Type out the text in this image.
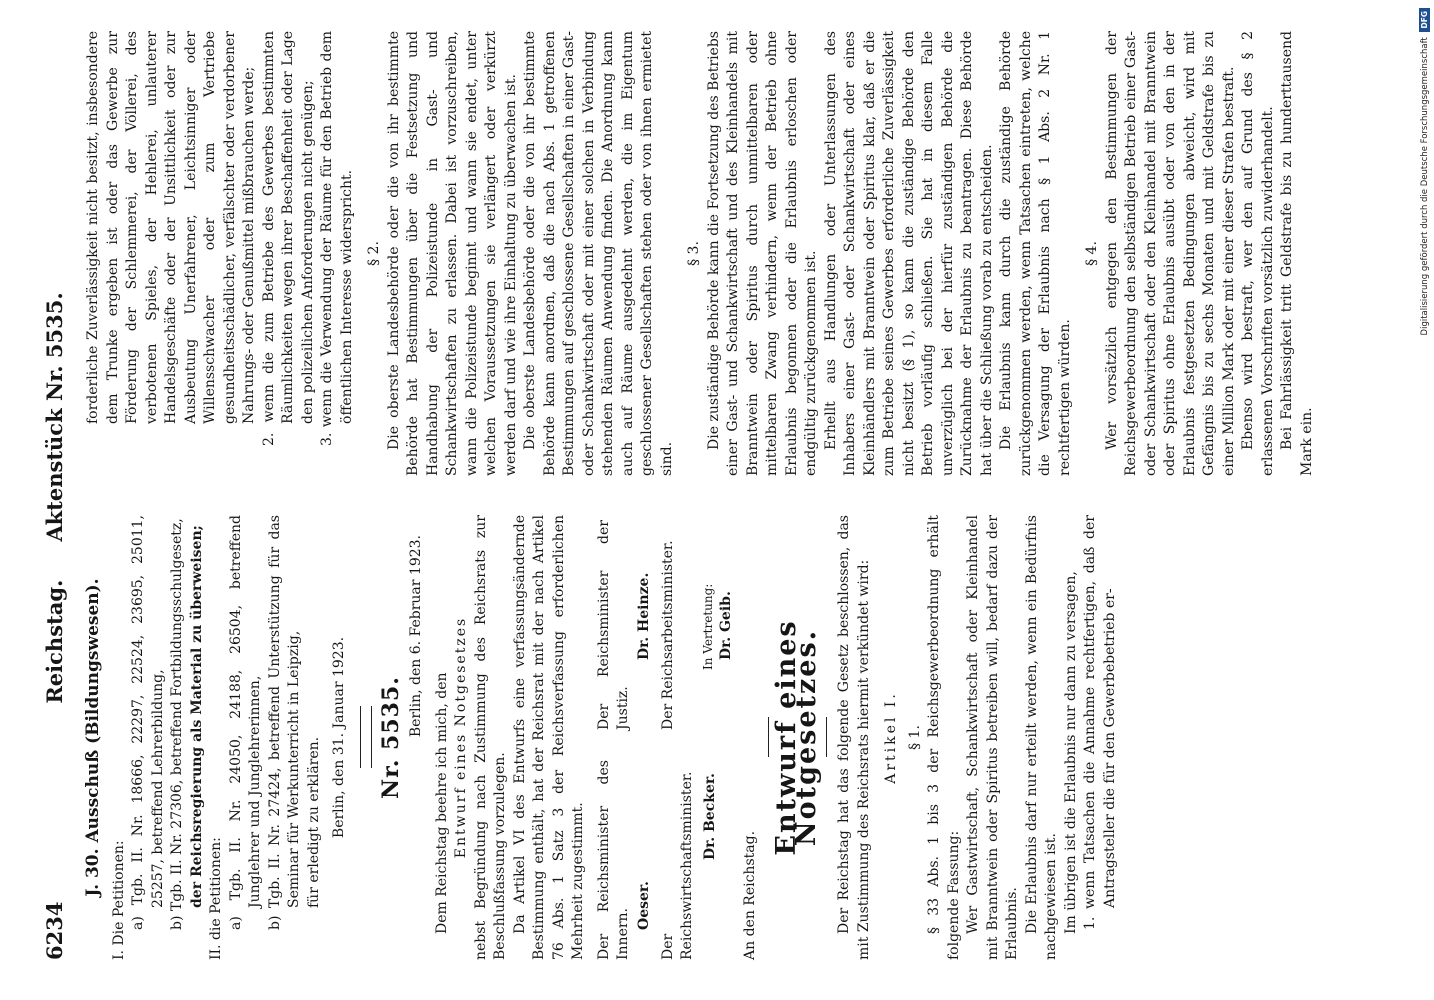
6234
Reichstag.Aktenstück Nr. 5535.

J. 30. Ausschuß (Bildungswesen).

I. Die Petitionen: a) Tgb. II. Nr. 18666, 22297, 22524, 23695, 25011, 25257, betreffend Lehrerbildung, b) Tgb. II. Nr. 27306, betreffend Fortbildungsschulgesetz, der Reichsregierung als Material zu überweisen; II. die Petitionen: a) Tgb. II. Nr. 24050, 24188, 26504, betreffend Junglehrer und Junglehrerinnen, b) Tgb. II. Nr. 27424, betreffend Unterstützung für das Seminar für Werkunterricht in Leipzig, für erledigt zu erklären. Berlin, den 31. Januar 1923. Nr. 5535.

Berlin, den 6. Februar 1923.

Dem Reichstag beehre ich mich, den Entwurf eines Notgesetzes nebst Begründung nach Zustimmung des Reichsrats zur Beschlußfassung vorzulegen. Da Artikel VI des Entwurfs eine verfassungsändernde Bestimmung enthält, hat der Reichsrat mit der nach Artikel 76 Abs. 1 Satz 3 der Reichsverfassung erforderlichen Mehrheit zugestimmt. Der Reichsminister des Innern.

Oeser.

Der Reichsminister der Justiz.

Dr. Heinze.

Der Reichswirtschaftsminister. Dr. Becker.

Der Reichsarbeitsminister. In Vertretung: Dr. Geib.

An den Reichstag.

Entwurf eines Notgesetzes. Der Reichstag hat das folgende Gesetz beschlossen, das mit Zustimmung des Reichsrats hiermit verkündet wird: Artikel I. § 1. § 33 Abs. 1 bis 3 der Reichsgewerbeordnung erhält folgende Fassung: Wer Gastwirtschaft, Schankwirtschaft oder Kleinhandel mit Branntwein oder Spiritus betreiben will, bedarf dazu der Erlaubnis. Die Erlaubnis darf nur erteilt werden, wenn ein Bedürfnis nachgewiesen ist. Im übrigen ist die Erlaubnis nur dann zu versagen, 1. wenn Tatsachen die Annahme rechtfertigen, daß der Antragsteller die für den Gewerbebetrieb er-

forderliche Zuverlässigkeit nicht besitzt, insbesondere dem Trunke ergeben ist oder das Gewerbe zur Förderung der Schlemmerei, der Völlerei, des verbotenen Spieles, der Hehlerei, unlauterer Handelsgeschäfte oder der Unsittlichkeit oder zur Ausbeutung Unerfahrener, Leichtsinniger oder Willensschwacher oder zum Vertriebe gesundheitsschädlicher, verfälschter oder verdorbener Nahrungs- oder Genußmittel mißbrauchen werde; 2. wenn die zum Betriebe des Gewerbes bestimmten Räumlichkeiten wegen ihrer Beschaffenheit oder Lage den polizeilichen Anforderungen nicht genügen; 3. wenn die Verwendung der Räume für den Betrieb dem öffentlichen Interesse widerspricht. § 2. Die oberste Landesbehörde oder die von ihr bestimmte Behörde hat Bestimmungen über die Festsetzung und Handhabung der Polizeistunde in Gast- und Schankwirtschaften zu erlassen. Dabei ist vorzuschreiben, wann die Polizeistunde beginnt und wann sie endet, unter welchen Voraussetzungen sie verlängert oder verkürzt werden darf und wie ihre Einhaltung zu überwachen ist. Die oberste Landesbehörde oder die von ihr bestimmte Behörde kann anordnen, daß die nach Abs. 1 getroffenen Bestimmungen auf geschlossene Gesellschaften in einer Gast- oder Schankwirtschaft oder mit einer solchen in Verbindung stehenden Räumen Anwendung finden. Die Anordnung kann auch auf Räume ausgedehnt werden, die im Eigentum geschlossener Gesellschaften stehen oder von ihnen ermietet sind.

§ 3. Die zuständige Behörde kann die Fortsetzung des Betriebs einer Gast- und Schankwirtschaft und des Kleinhandels mit Branntwein oder Spiritus durch unmittelbaren oder mittelbaren Zwang verhindern, wenn der Betrieb ohne Erlaubnis begonnen oder die Erlaubnis erloschen oder endgültig zurückgenommen ist. Erhellt aus Handlungen oder Unterlassungen des Inhabers einer Gast- oder Schankwirtschaft oder eines Kleinhändlers mit Branntwein oder Spiritus klar, daß er die zum Betriebe seines Gewerbes erforderliche Zuverlässigkeit nicht besitzt (§ 1), so kann die zuständige Behörde den Betrieb vorläufig schließen. Sie hat in diesem Falle unverzüglich bei der hierfür zuständigen Behörde die Zurücknahme der Erlaubnis zu beantragen. Diese Behörde hat über die Schließung vorab zu entscheiden. Die Erlaubnis kann durch die zuständige Behörde zurückgenommen werden, wenn Tatsachen eintreten, welche die Versagung der Erlaubnis nach § 1 Abs. 2 Nr. 1 rechtfertigen würden.

§ 4. Wer vorsätzlich entgegen den Bestimmungen der Reichsgewerbeordnung den selbständigen Betrieb einer Gast- oder Schankwirtschaft oder den Kleinhandel mit Branntwein oder Spiritus ohne Erlaubnis ausübt oder von den in der Erlaubnis festgesetzten Bedingungen abweicht, wird mit Gefängnis bis zu sechs Monaten und mit Geldstrafe bis zu einer Million Mark oder mit einer dieser Strafen bestraft. Ebenso wird bestraft, wer den auf Grund des § 2 erlassenen Vorschriften vorsätzlich zuwiderhandelt. Bei Fahrlässigkeit tritt Geldstrafe bis zu hunderttausend Mark ein.

Digitalisierung gefördert durch die Deutsche Forschungsgemeinschaft DFG
